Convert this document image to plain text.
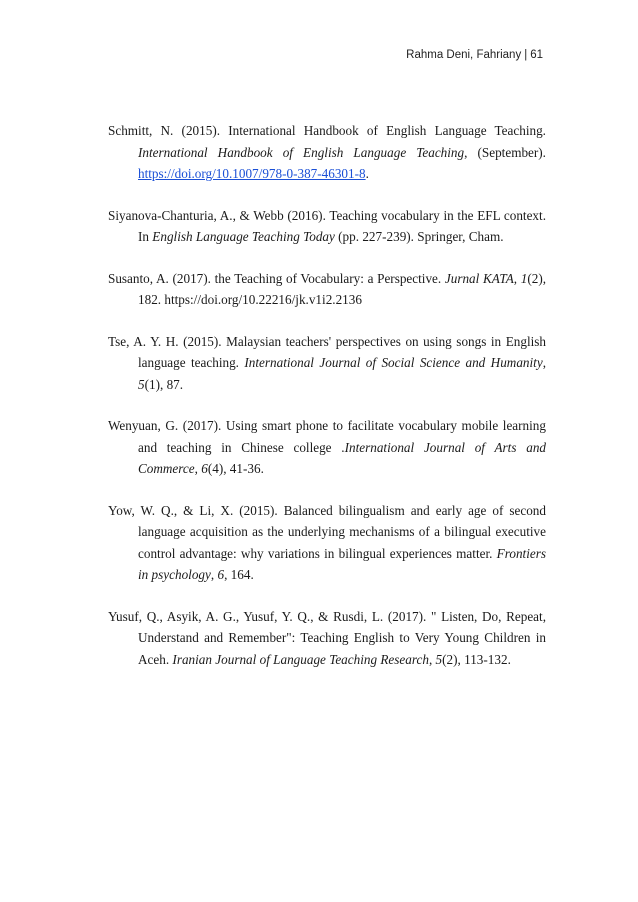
Rahma Deni, Fahriany | 61

Schmitt, N. (2015). International Handbook of English Language Teaching. International Handbook of English Language Teaching, (September). https://doi.org/10.1007/978-0-387-46301-8.

Siyanova-Chanturia, A., & Webb (2016). Teaching vocabulary in the EFL context. In English Language Teaching Today (pp. 227-239). Springer, Cham.

Susanto, A. (2017). the Teaching of Vocabulary: a Perspective. Jurnal KATA, 1(2), 182. https://doi.org/10.22216/jk.v1i2.2136

Tse, A. Y. H. (2015). Malaysian teachers' perspectives on using songs in English language teaching. International Journal of Social Science and Humanity, 5(1), 87.

Wenyuan, G. (2017). Using smart phone to facilitate vocabulary mobile learning and teaching in Chinese college .International Journal of Arts and Commerce, 6(4), 41-36.

Yow, W. Q., & Li, X. (2015). Balanced bilingualism and early age of second language acquisition as the underlying mechanisms of a bilingual executive control advantage: why variations in bilingual experiences matter. Frontiers in psychology, 6, 164.

Yusuf, Q., Asyik, A. G., Yusuf, Y. Q., & Rusdi, L. (2017). " Listen, Do, Repeat, Understand and Remember": Teaching English to Very Young Children in Aceh. Iranian Journal of Language Teaching Research, 5(2), 113-132.
